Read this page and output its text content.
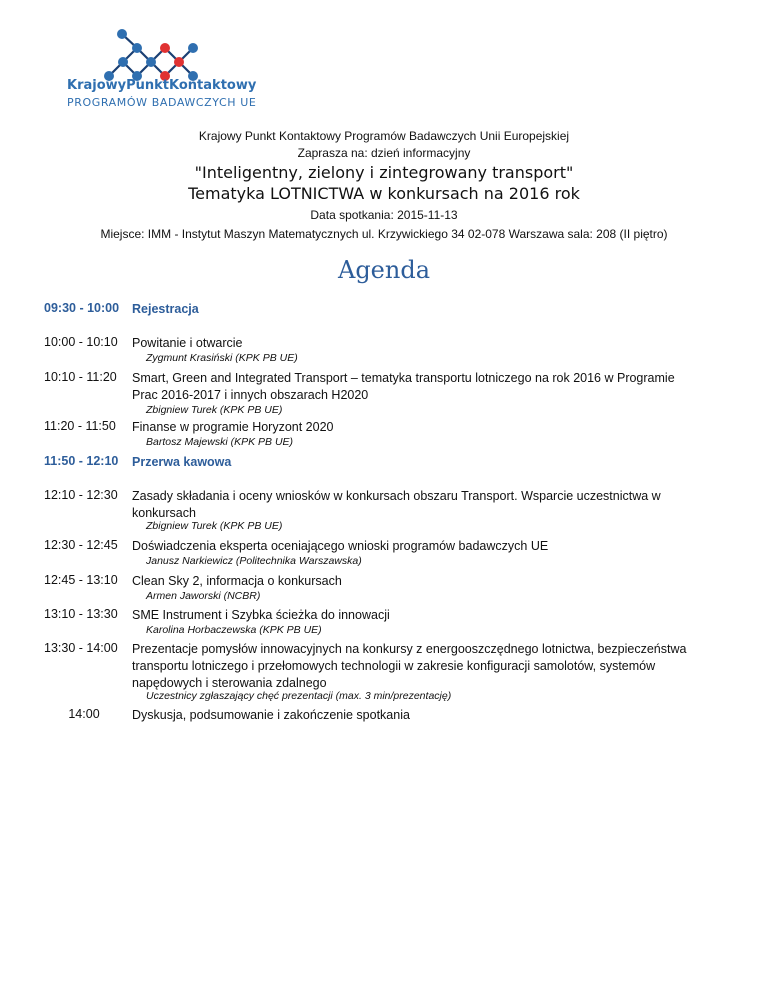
KrajowyPunktKontaktowy
PROGRAMÓW BADAWCZYCH UE
Krajowy Punkt Kontaktowy Programów Badawczych Unii Europejskiej
Zaprasza na: dzień informacyjny
"Inteligentny, zielony i zintegrowany transport"
Tematyka LOTNICTWA w konkursach na 2016 rok
Data spotkania: 2015-11-13
Miejsce: IMM - Instytut Maszyn Matematycznych ul. Krzywickiego 34 02-078 Warszawa sala: 208 (II piętro)
Agenda
09:30 - 10:00	Rejestracja
10:00 - 10:10	Powitanie i otwarcie
Zygmunt Krasiński (KPK PB UE)
10:10 - 11:20	Smart, Green and Integrated Transport – tematyka transportu lotniczego na rok 2016 w Programie Prac 2016-2017 i innych obszarach H2020
Zbigniew Turek (KPK PB UE)
11:20 - 11:50	Finanse w programie Horyzont 2020
Bartosz Majewski (KPK PB UE)
11:50 - 12:10	Przerwa kawowa
12:10 - 12:30	Zasady składania i oceny wniosków w konkursach obszaru Transport. Wsparcie uczestnictwa w konkursach
Zbigniew Turek (KPK PB UE)
12:30 - 12:45	Doświadczenia eksperta oceniającego wnioski programów badawczych UE
Janusz Narkiewicz (Politechnika Warszawska)
12:45 - 13:10	Clean Sky 2, informacja o konkursach
Armen Jaworski (NCBR)
13:10 - 13:30	SME Instrument i Szybka ścieżka do innowacji
Karolina Horbaczewska (KPK PB UE)
13:30 - 14:00	Prezentacje pomysłów innowacyjnych na konkursy z energooszczędnego lotnictwa, bezpieczeństwa transportu lotniczego i przełomowych technologii w zakresie konfiguracji samolotów, systemów napędowych i sterowania zdalnego
Uczestnicy zgłaszający chęć prezentacji (max. 3 min/prezentację)
14:00	Dyskusja, podsumowanie i zakończenie spotkania
